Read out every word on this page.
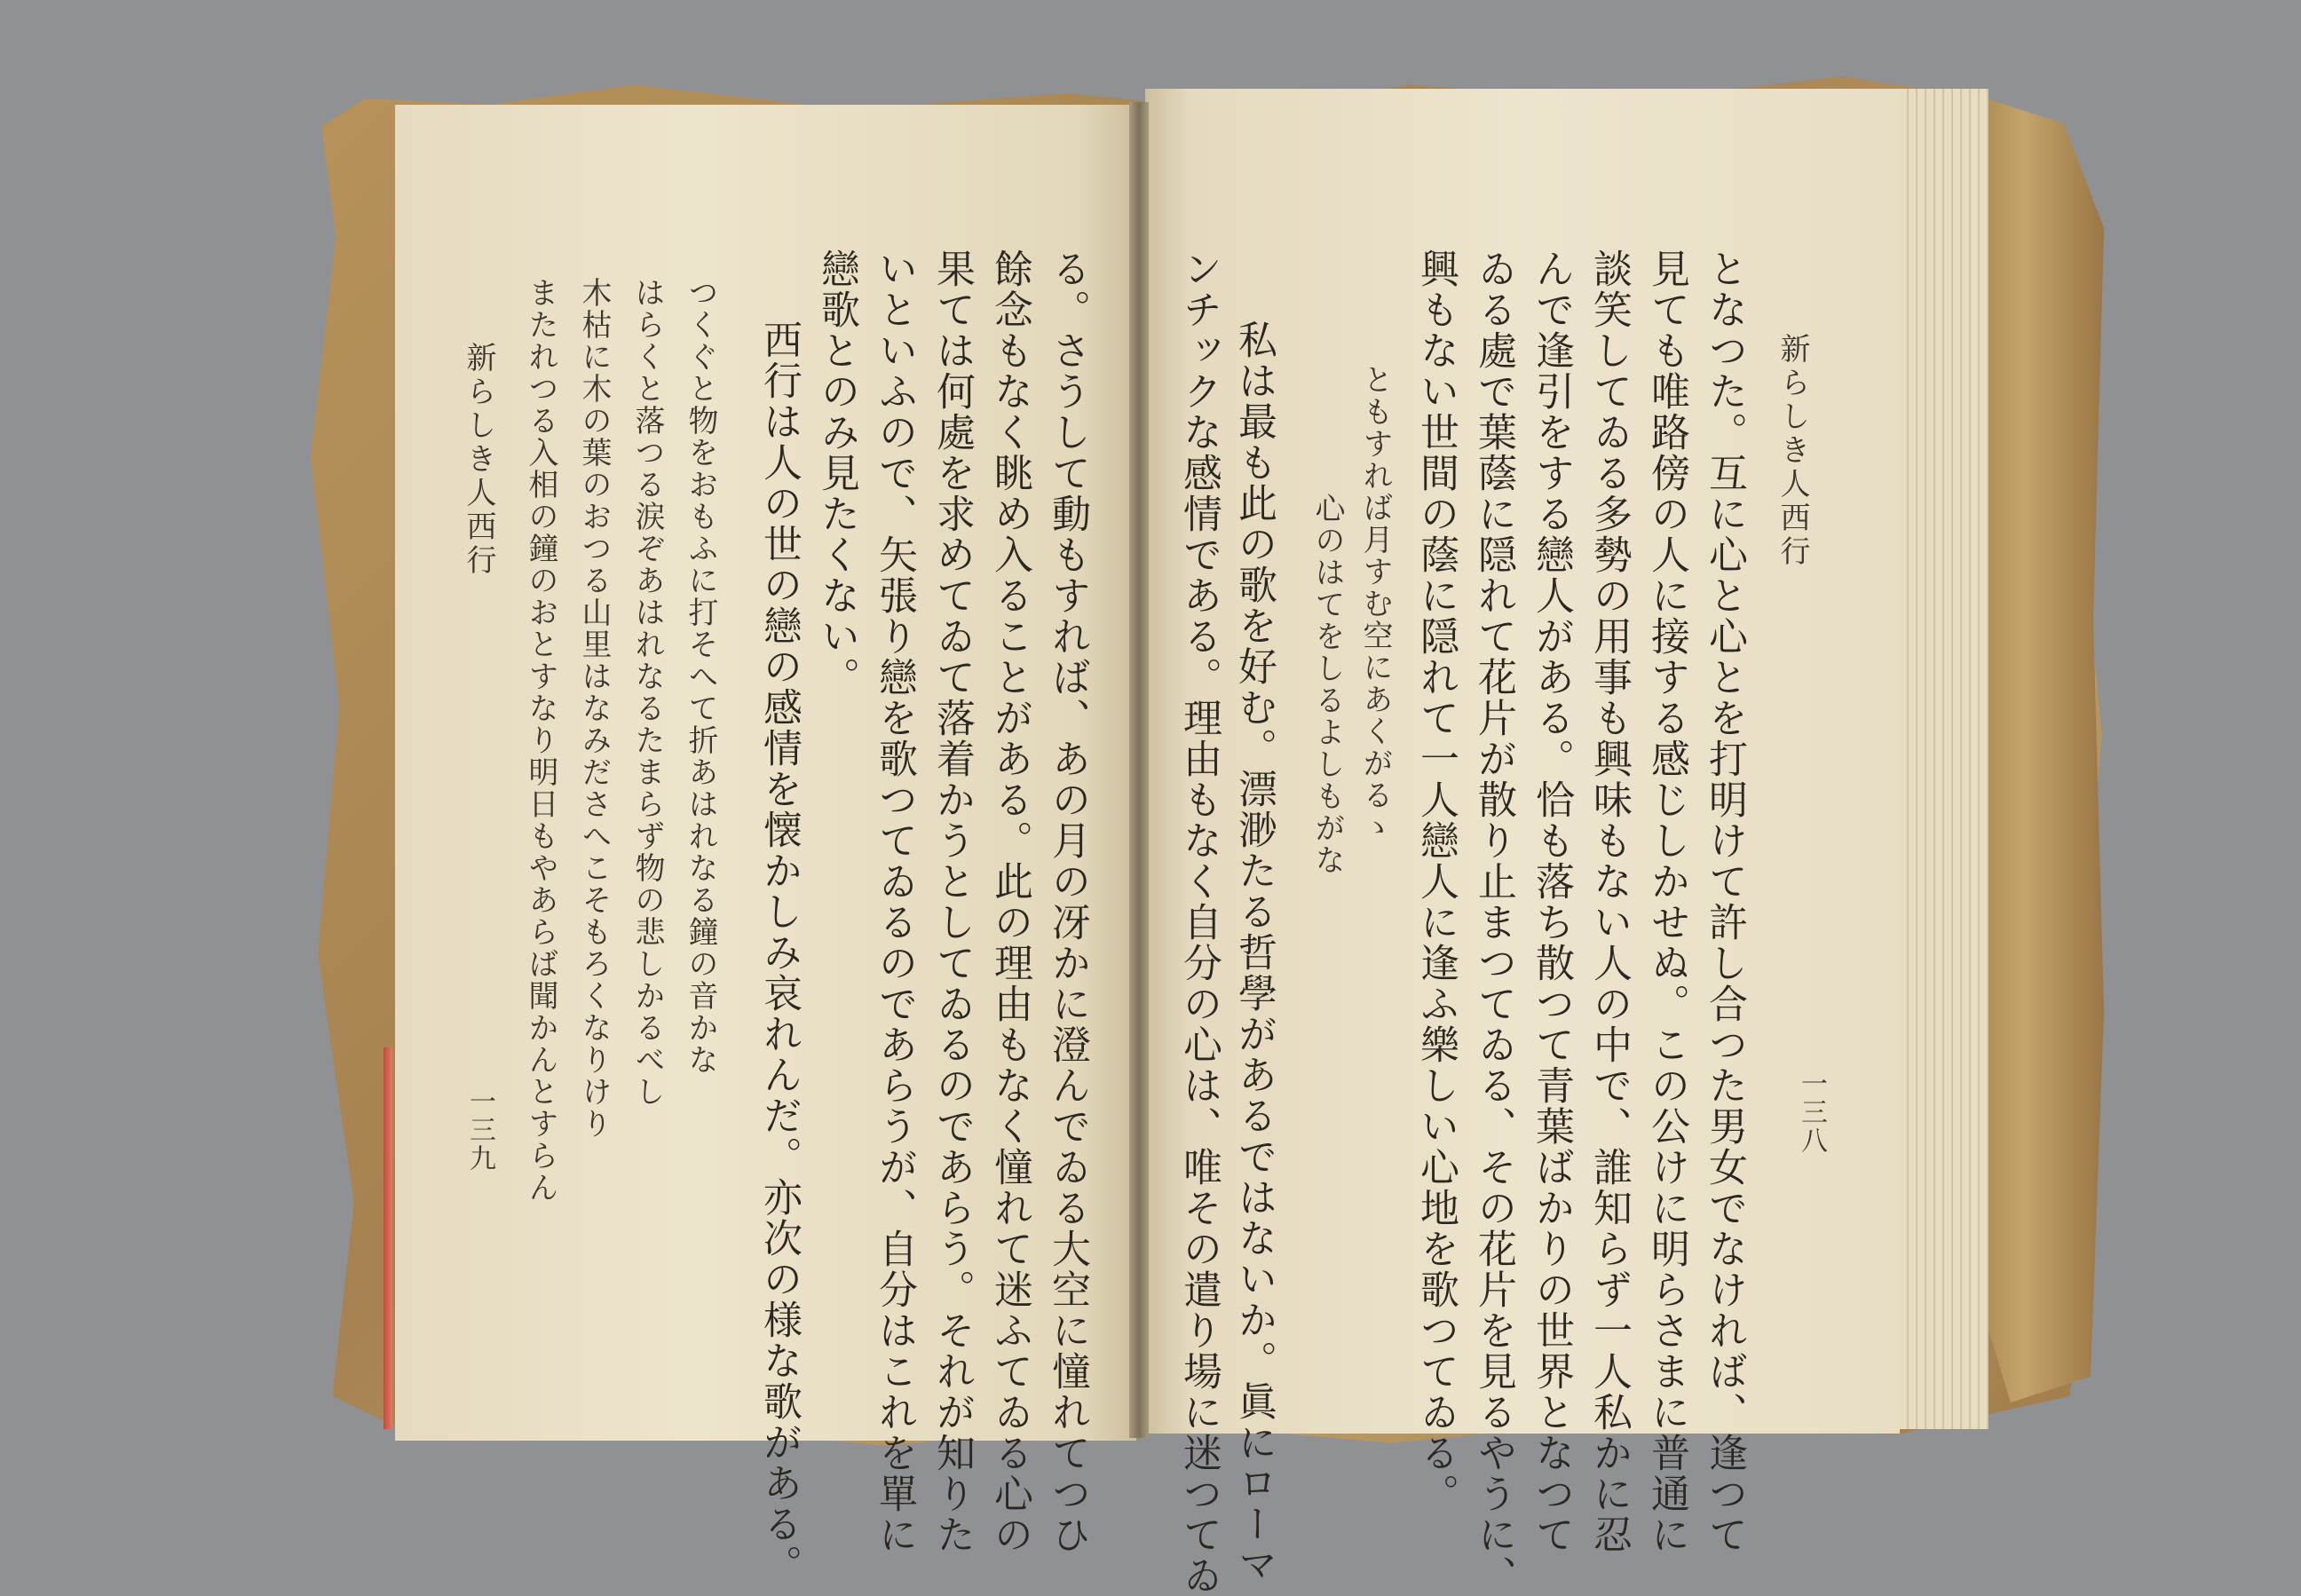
新らしき人西行
一三八
となつた。互に心と心とを打明けて許し合つた男女でなければ、逢つて
見ても唯路傍の人に接する感じしかせぬ。この公けに明らさまに普通に
談笑してゐる多勢の用事も興味もない人の中で、誰知らず一人私かに忍
んで逢引をする戀人がある。恰も落ち散つて青葉ばかりの世界となつて
ゐる處で葉蔭に隠れて花片が散り止まつてゐる、その花片を見るやうに、
興もない世間の蔭に隠れて一人戀人に逢ふ樂しい心地を歌つてゐる。
ともすれば月すむ空にあくがるゝ
心のはてをしるよしもがな
私は最も此の歌を好む。漂渺たる哲學があるではないか。眞にローマ
ンチックな感情である。理由もなく自分の心は、唯その遣り場に迷つてゐ
る。さうして動もすれば、あの月の冴かに澄んでゐる大空に憧れてつひ
餘念もなく眺め入ることがある。此の理由もなく憧れて迷ふてゐる心の
果ては何處を求めてゐて落着かうとしてゐるのであらう。それが知りた
いといふので、矢張り戀を歌つてゐるのであらうが、自分はこれを單に
戀歌とのみ見たくない。
西行は人の世の戀の感情を懐かしみ哀れんだ。亦次の様な歌がある。
つくぐと物をおもふに打そへて折あはれなる鐘の音かな
はらくと落つる涙ぞあはれなるたまらず物の悲しかるべし
木枯に木の葉のおつる山里はなみださへこそもろくなりけり
またれつる入相の鐘のおとすなり明日もやあらば聞かんとすらん
新らしき人西行
一三九
